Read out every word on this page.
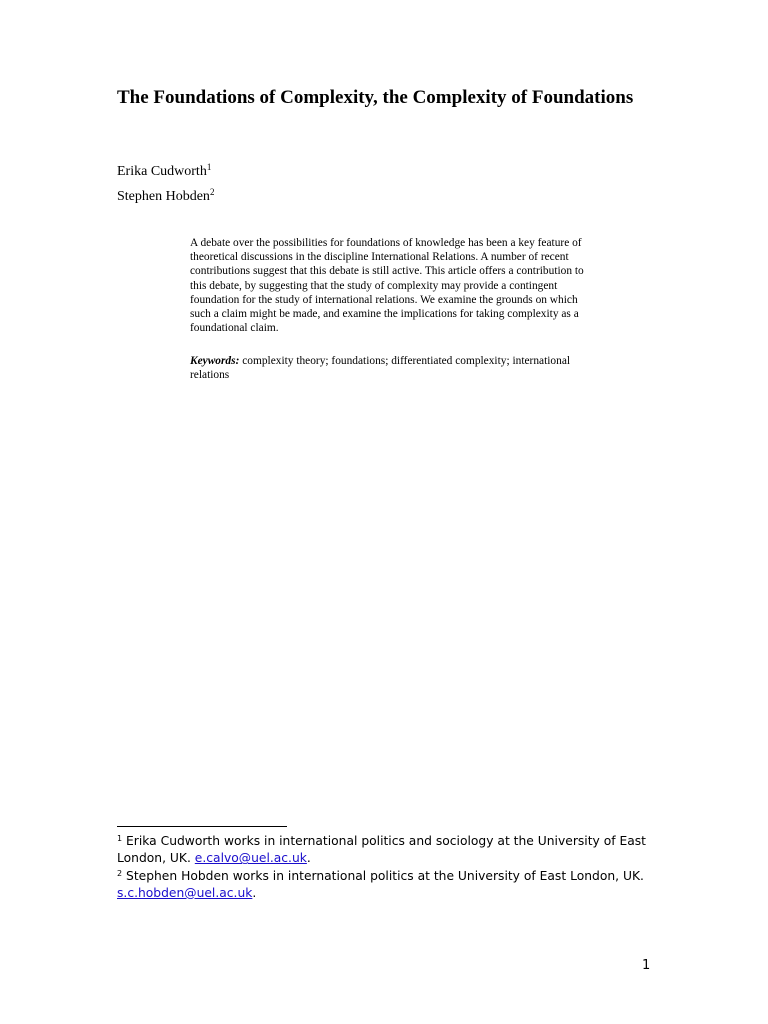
The Foundations of Complexity, the Complexity of Foundations
Erika Cudworth$^1$
Stephen Hobden$^2$

A debate over the possibilities for foundations of knowledge has been a key feature of theoretical discussions in the discipline International Relations. A number of recent contributions suggest that this debate is still active. This article offers a contribution to this debate, by suggesting that the study of complexity may provide a contingent foundation for the study of international relations. We examine the grounds on which such a claim might be made, and examine the implications for taking complexity as a foundational claim.

Keywords: complexity theory; foundations; differentiated complexity; international relations

$^1$ Erika Cudworth works in international politics and sociology at the University of East London, UK. e.calvo@uel.ac.uk.

$^2$ Stephen Hobden works in international politics at the University of East London, UK. s.c.hobden@uel.ac.uk.

1
